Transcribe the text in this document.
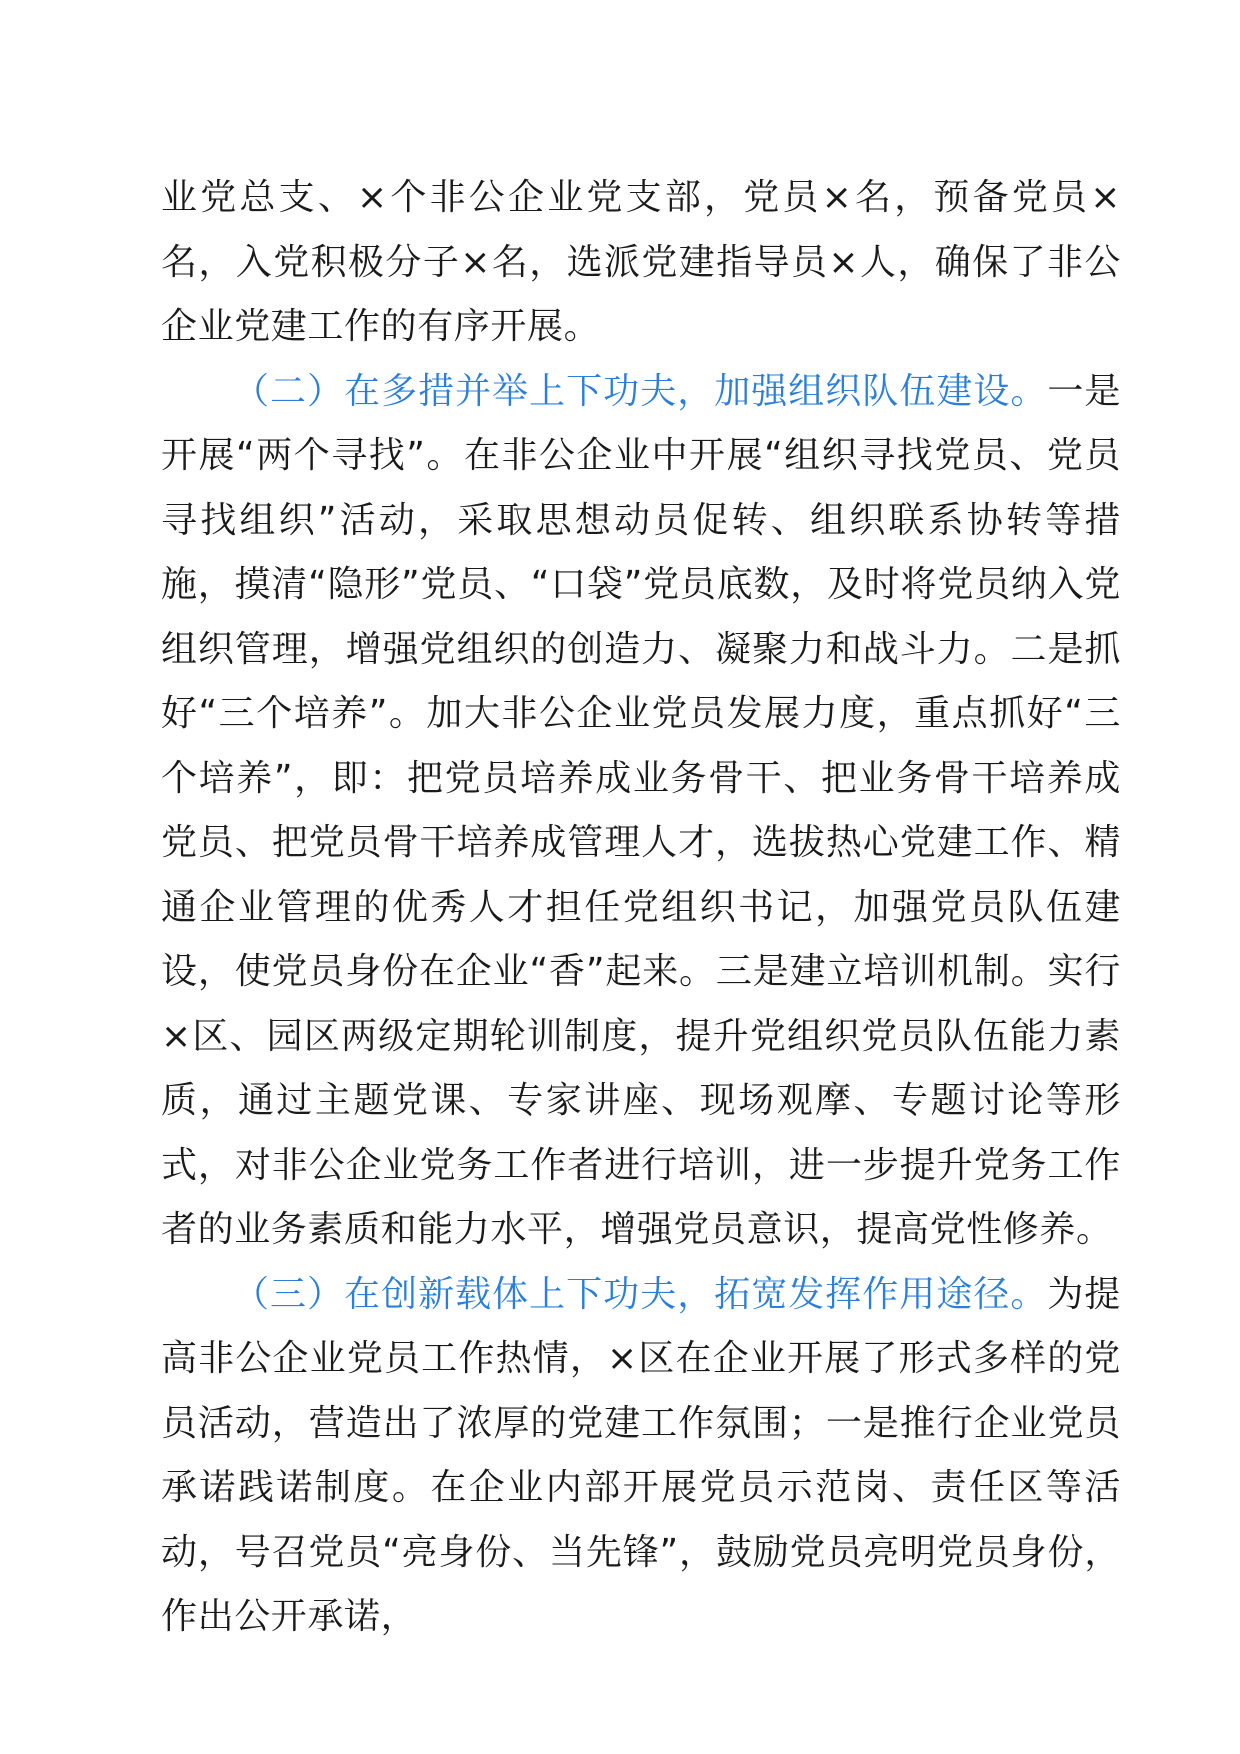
业党总支、×个非公企业党支部，党员×名，预备党员×名，入党积极分子×名，选派党建指导员×人，确保了非公企业党建工作的有序开展。

（二）在多措并举上下功夫，加强组织队伍建设。一是开展“两个寻找”。在非公企业中开展“组织寻找党员、党员寻找组织”活动，采取思想动员促转、组织联系协转等措施，摸清“隐形”党员、“口袋”党员底数，及时将党员纳入党组织管理，增强党组织的创造力、凝聚力和战斗力。二是抓好“三个培养”。加大非公企业党员发展力度，重点抓好“三个培养”，即：把党员培养成业务骨干、把业务骨干培养成党员、把党员骨干培养成管理人才，选拔热心党建工作、精通企业管理的优秀人才担任党组织书记，加强党员队伍建设，使党员身份在企业“香”起来。三是建立培训机制。实行×区、园区两级定期轮训制度，提升党组织党员队伍能力素质，通过主题党课、专家讲座、现场观摩、专题讨论等形式，对非公企业党务工作者进行培训，进一步提升党务工作者的业务素质和能力水平，增强党员意识，提高党性修养。

（三）在创新载体上下功夫，拓宽发挥作用途径。为提高非公企业党员工作热情，×区在企业开展了形式多样的党员活动，营造出了浓厚的党建工作氛围；一是推行企业党员承诺践诺制度。在企业内部开展党员示范岗、责任区等活动，号召党员“亮身份、当先锋”，鼓励党员亮明党员身份，作出公开承诺，
